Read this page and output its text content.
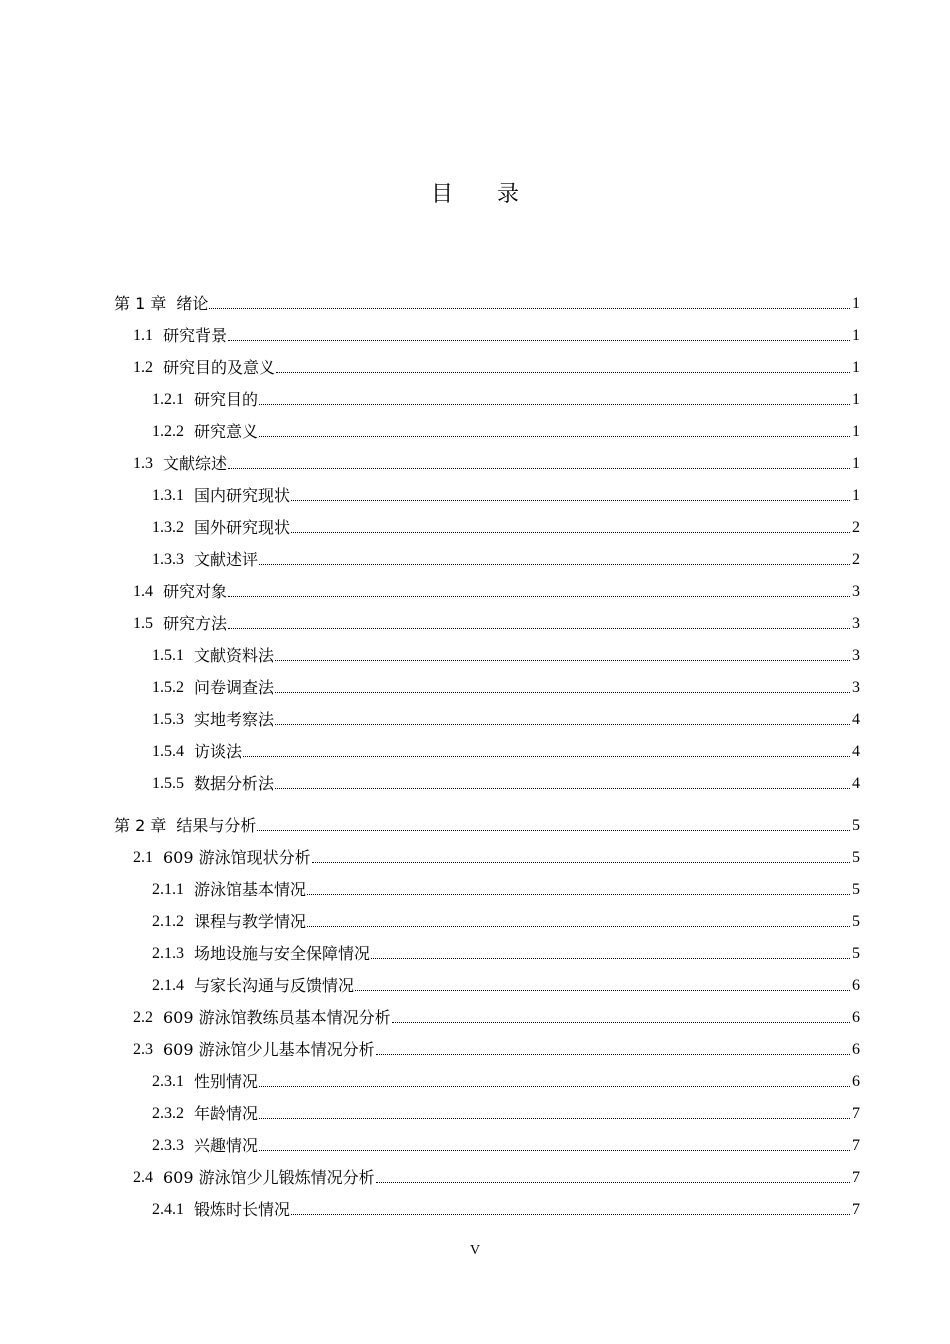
目录
第 1 章 绪论	1
1.1 研究背景	1
1.2 研究目的及意义	1
1.2.1 研究目的	1
1.2.2 研究意义	1
1.3 文献综述	1
1.3.1 国内研究现状	1
1.3.2 国外研究现状	2
1.3.3 文献述评	2
1.4 研究对象	3
1.5 研究方法	3
1.5.1 文献资料法	3
1.5.2 问卷调查法	3
1.5.3 实地考察法	4
1.5.4 访谈法	4
1.5.5 数据分析法	4
第 2 章 结果与分析	5
2.1 609 游泳馆现状分析	5
2.1.1 游泳馆基本情况	5
2.1.2 课程与教学情况	5
2.1.3 场地设施与安全保障情况	5
2.1.4 与家长沟通与反馈情况	6
2.2 609 游泳馆教练员基本情况分析	6
2.3 609 游泳馆少儿基本情况分析	6
2.3.1 性别情况	6
2.3.2 年龄情况	7
2.3.3 兴趣情况	7
2.4 609 游泳馆少儿锻炼情况分析	7
2.4.1 锻炼时长情况	7
V
